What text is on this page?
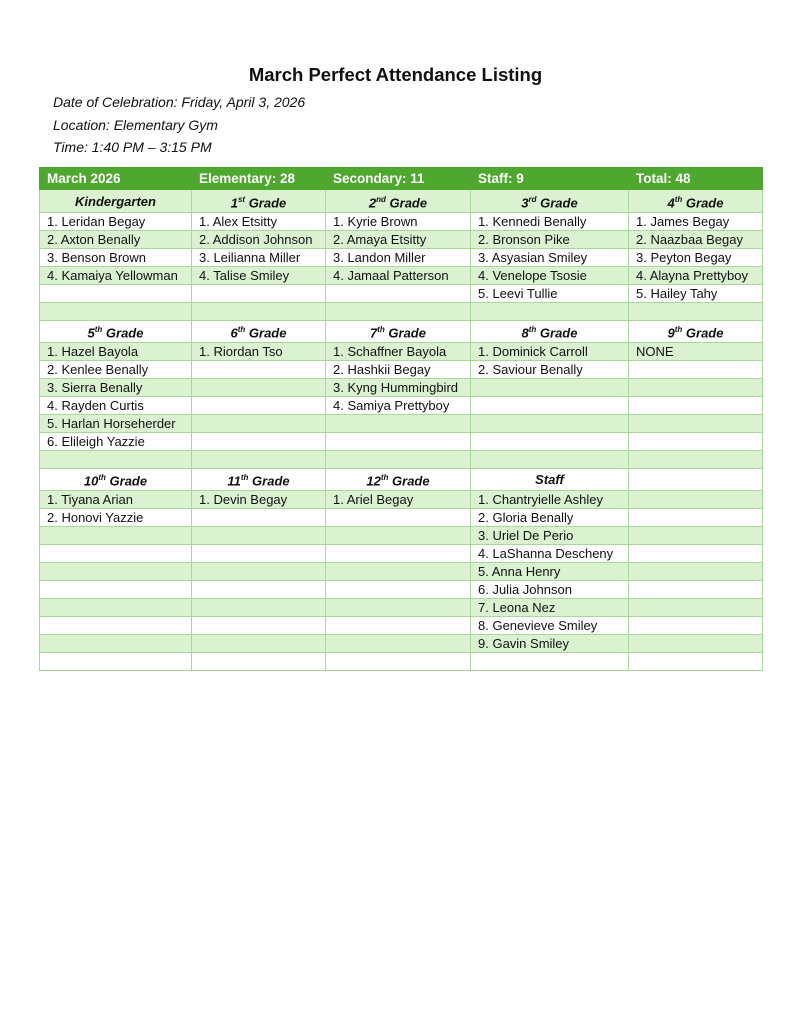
March Perfect Attendance Listing
Date of Celebration: Friday, April 3, 2026
Location: Elementary Gym
Time: 1:40 PM – 3:15 PM
March 2026	Elementary: 28	Secondary: 11	Staff: 9	Total: 48
Kindergarten	1st Grade	2nd Grade	3rd Grade	4th Grade
1. Leridan Begay	1. Alex Etsitty	1. Kyrie Brown	1. Kennedi Benally	1. James Begay
2. Axton Benally	2. Addison Johnson	2. Amaya Etsitty	2. Bronson Pike	2. Naazbaa Begay
3. Benson Brown	3. Leilianna Miller	3. Landon Miller	3. Asyasian Smiley	3. Peyton Begay
4. Kamaiya Yellowman	4. Talise Smiley	4. Jamaal Patterson	4. Venelope Tsosie	4. Alayna Prettyboy
			5. Leevi Tullie	5. Hailey Tahy

5th Grade	6th Grade	7th Grade	8th Grade	9th Grade
1. Hazel Bayola	1. Riordan Tso	1. Schaffner Bayola	1. Dominick Carroll	NONE
2. Kenlee Benally		2. Hashkii Begay	2. Saviour Benally	
3. Sierra Benally		3. Kyng Hummingbird		
4. Rayden Curtis		4. Samiya Prettyboy		
5. Harlan Horseherder				
6. Elileigh Yazzie				

10th Grade	11th Grade	12th Grade	Staff	
1. Tiyana Arian	1. Devin Begay	1. Ariel Begay	1. Chantryielle Ashley	
2. Honovi Yazzie			2. Gloria Benally	
			3. Uriel De Perio	
			4. LaShanna Descheny	
			5. Anna Henry	
			6. Julia Johnson	
			7. Leona Nez	
			8. Genevieve Smiley	
			9. Gavin Smiley	
